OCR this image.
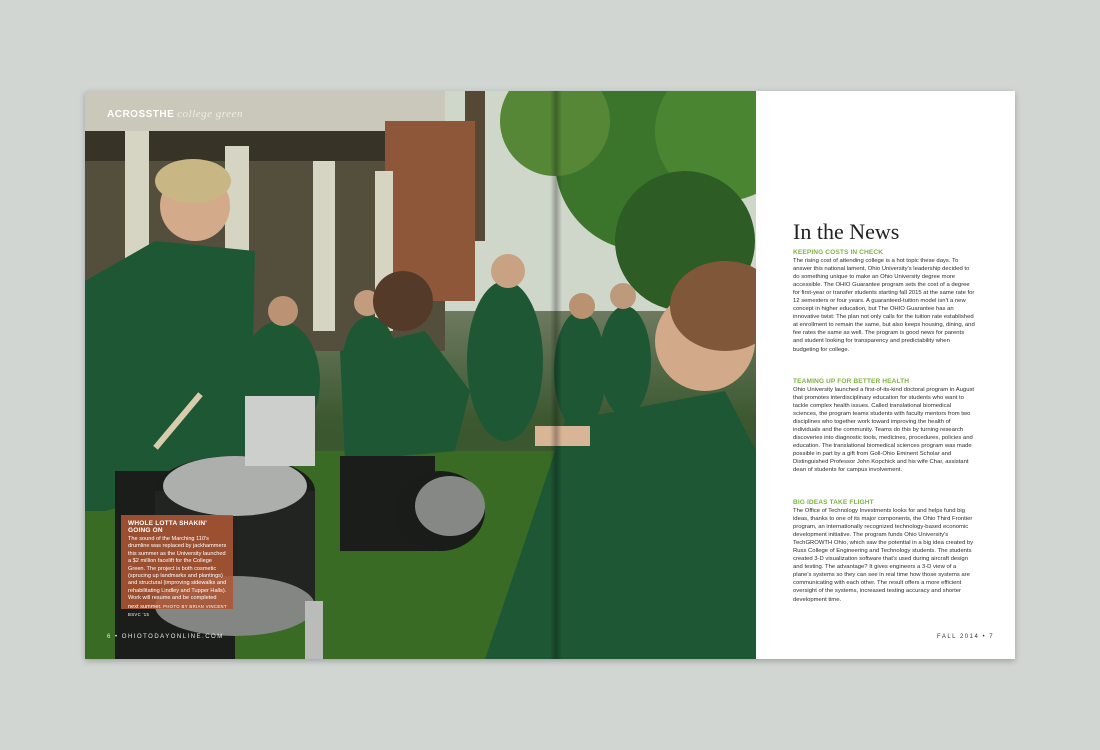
ACROSSTHE college green
WHOLE LOTTA SHAKIN' GOING ON
The sound of the Marching 110's drumline was replaced by jackhammers this summer as the University launched a $2 million facelift for the College Green. The project is both cosmetic (sprucing up landmarks and plantings) and structural (improving sidewalks and rehabilitating Lindley and Tupper Halls). Work will resume and be completed next summer. PHOTO BY BRIAN VINCENT BSVC '15
6 • OHIOTODAYONLINE.COM
In the News
KEEPING COSTS IN CHECK

The rising cost of attending college is a hot topic these days. To answer this national lament, Ohio University's leadership decided to do something unique to make an Ohio University degree more accessible. The OHIO Guarantee program sets the cost of a degree for first-year or transfer students starting fall 2015 at the same rate for 12 semesters or four years. A guaranteed-tuition model isn't a new concept in higher education, but The OHIO Guarantee has an innovative twist: The plan not only calls for the tuition rate established at enrollment to remain the same, but also keeps housing, dining, and fee rates the same as well. The program is good news for parents and student looking for transparency and predictability when budgeting for college.

TEAMING UP FOR BETTER HEALTH

Ohio University launched a first-of-its-kind doctoral program in August that promotes interdisciplinary education for students who want to tackle complex health issues. Called translational biomedical sciences, the program teams students with faculty mentors from two disciplines who together work toward improving the health of individuals and the community. Teams do this by turning research discoveries into diagnostic tools, medicines, procedures, policies and education. The translational biomedical sciences program was made possible in part by a gift from Goll-Ohio Eminent Scholar and Distinguished Professor John Kopchick and his wife Char, assistant dean of students for campus involvement.

BIG IDEAS TAKE FLIGHT

The Office of Technology Investments looks for and helps fund big ideas, thanks to one of its major components, the Ohio Third Frontier program, an internationally recognized technology-based economic development initiative. The program funds Ohio University's TechGROWTH Ohio, which saw the potential in a big idea created by Russ College of Engineering and Technology students. The students created 3-D visualization software that's used during aircraft design and testing. The advantage? It gives engineers a 3-D view of a plane's systems so they can see in real time how those systems are communicating with each other. The result offers a more efficient oversight of the systems, increased testing accuracy and shorter development time.

FALL 2014 • 7
